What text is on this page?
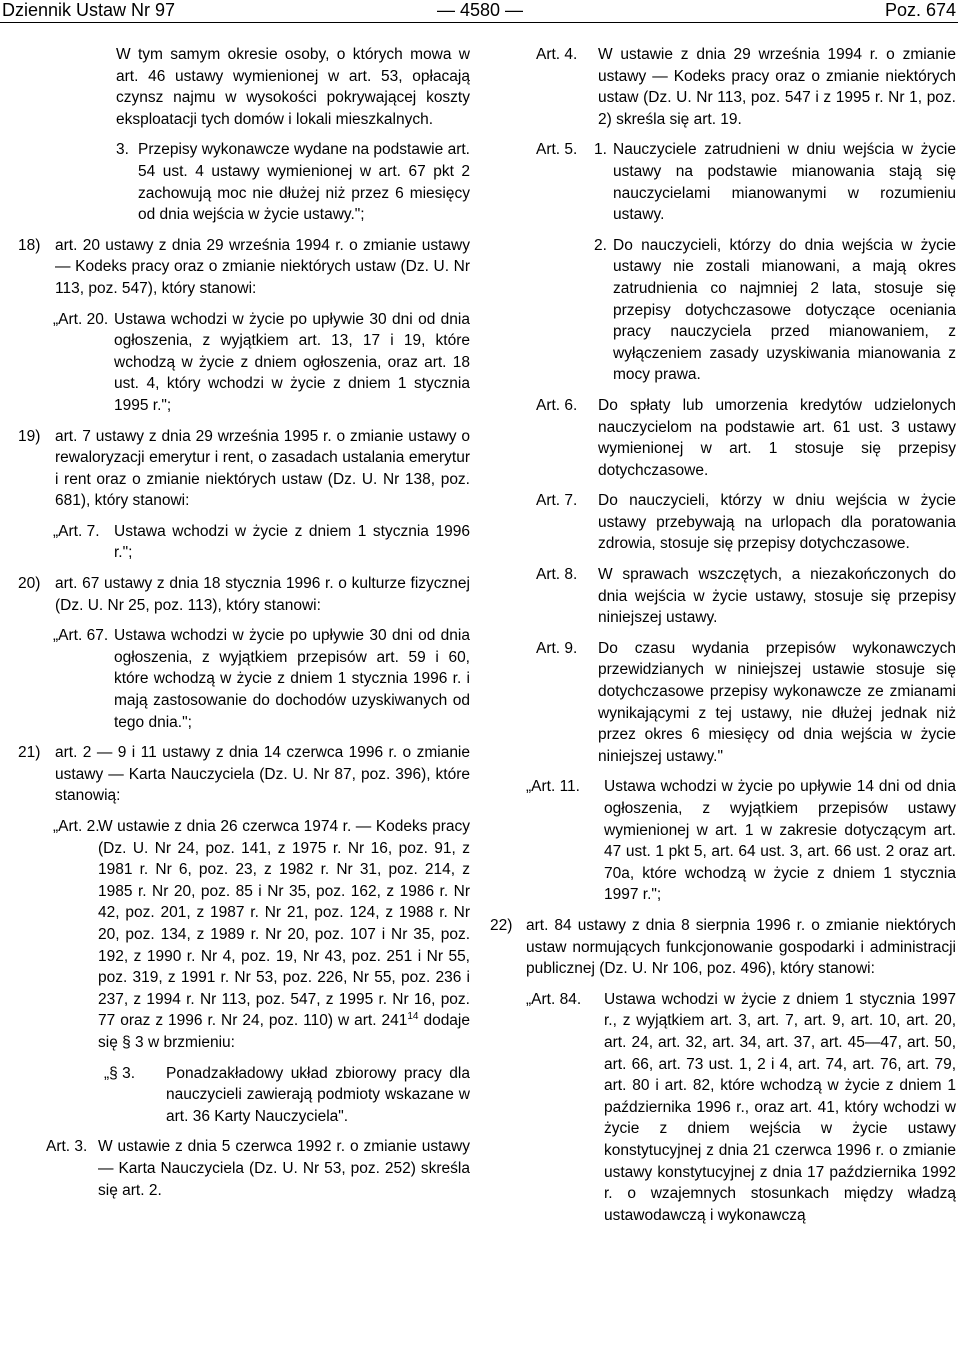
Dziennik Ustaw Nr 97	— 4580 —	Poz. 674

W tym samym okresie osoby, o których mowa w art. 46 ustawy wymienionej w art. 53, opłacają czynsz najmu w wysokości pokrywającej koszty eksploatacji tych domów i lokali mieszkalnych.

3. Przepisy wykonawcze wydane na podstawie art. 54 ust. 4 ustawy wymienionej w art. 67 pkt 2 zachowują moc nie dłużej niż przez 6 miesięcy od dnia wejścia w życie ustawy.";

18) art. 20 ustawy z dnia 29 września 1994 r. o zmianie ustawy — Kodeks pracy oraz o zmianie niektórych ustaw (Dz. U. Nr 113, poz. 547), który stanowi:

„Art. 20. Ustawa wchodzi w życie po upływie 30 dni od dnia ogłoszenia, z wyjątkiem art. 13, 17 i 19, które wchodzą w życie z dniem ogłoszenia, oraz art. 18 ust. 4, który wchodzi w życie z dniem 1 stycznia 1995 r.";

19) art. 7 ustawy z dnia 29 września 1995 r. o zmianie ustawy o rewaloryzacji emerytur i rent, o zasadach ustalania emerytur i rent oraz o zmianie niektórych ustaw (Dz. U. Nr 138, poz. 681), który stanowi:

„Art. 7. Ustawa wchodzi w życie z dniem 1 stycznia 1996 r.";

20) art. 67 ustawy z dnia 18 stycznia 1996 r. o kulturze fizycznej (Dz. U. Nr 25, poz. 113), który stanowi:

„Art. 67. Ustawa wchodzi w życie po upływie 30 dni od dnia ogłoszenia, z wyjątkiem przepisów art. 59 i 60, które wchodzą w życie z dniem 1 stycznia 1996 r. i mają zastosowanie do dochodów uzyskiwanych od tego dnia.";

21) art. 2 — 9 i 11 ustawy z dnia 14 czerwca 1996 r. o zmianie ustawy — Karta Nauczyciela (Dz. U. Nr 87, poz. 396), które stanowią:

„Art. 2.

W ustawie z dnia 26 czerwca 1974 r. — Kodeks pracy (Dz. U. Nr 24, poz. 141, z 1975 r. Nr 16, poz. 91, z 1981 r. Nr 6, poz. 23, z 1982 r. Nr 31, poz. 214, z 1985 r. Nr 20, poz. 85 i Nr 35, poz. 162, z 1986 r. Nr 42, poz. 201, z 1987 r. Nr 21, poz. 124, z 1988 r. Nr 20, poz. 134, z 1989 r. Nr 20, poz. 107 i Nr 35, poz. 192, z 1990 r. Nr 4, poz. 19, Nr 43, poz. 251 i Nr 55, poz. 319, z 1991 r. Nr 53, poz. 226, Nr 55, poz. 236 i 237, z 1994 r. Nr 113, poz. 547, z 1995 r. Nr 16, poz. 77 oraz z 1996 r. Nr 24, poz. 110) w art. $241^{14}$ dodaje się § 3 w brzmieniu:

„§ 3. Ponadzakładowy układ zbiorowy pracy dla nauczycieli zawierają podmioty wskazane w art. 36 Karty Nauczyciela".

Art. 3. W ustawie z dnia 5 czerwca 1992 r. o zmianie ustawy — Karta Nauczyciela (Dz. U. Nr 53, poz. 252) skreśla się art. 2.

Art. 4. W ustawie z dnia 29 września 1994 r. o zmianie ustawy — Kodeks pracy oraz o zmianie niektórych ustaw (Dz. U. Nr 113, poz. 547 i z 1995 r. Nr 1, poz. 2) skreśla się art. 19.

Art. 5. 1. Nauczyciele zatrudnieni w dniu wejścia w życie ustawy na podstawie mianowania stają się nauczycielami mianowanymi w rozumieniu ustawy.

2. Do nauczycieli, którzy do dnia wejścia w życie ustawy nie zostali mianowani, a mają okres zatrudnienia co najmniej 2 lata, stosuje się przepisy dotychczasowe dotyczące oceniania pracy nauczyciela przed mianowaniem, z wyłączeniem zasady uzyskiwania mianowania z mocy prawa.

Art. 6. Do spłaty lub umorzenia kredytów udzielonych nauczycielom na podstawie art. 61 ust. 3 ustawy wymienionej w art. 1 stosuje się przepisy dotychczasowe.

Art. 7. Do nauczycieli, którzy w dniu wejścia w życie ustawy przebywają na urlopach dla poratowania zdrowia, stosuje się przepisy dotychczasowe.

Art. 8. W sprawach wszczętych, a niezakończonych do dnia wejścia w życie ustawy, stosuje się przepisy niniejszej ustawy.

Art. 9. Do czasu wydania przepisów wykonawczych przewidzianych w niniejszej ustawie stosuje się dotychczasowe przepisy wykonawcze ze zmianami wynikającymi z tej ustawy, nie dłużej jednak niż przez okres 6 miesięcy od dnia wejścia w życie niniejszej ustawy."

„Art. 11. Ustawa wchodzi w życie po upływie 14 dni od dnia ogłoszenia, z wyjątkiem przepisów ustawy wymienionej w art. 1 w zakresie dotyczącym art. 47 ust. 1 pkt 5, art. 64 ust. 3, art. 66 ust. 2 oraz art. 70a, które wchodzą w życie z dniem 1 stycznia 1997 r.";

22) art. 84 ustawy z dnia 8 sierpnia 1996 r. o zmianie niektórych ustaw normujących funkcjonowanie gospodarki i administracji publicznej (Dz. U. Nr 106, poz. 496), który stanowi:

„Art. 84. Ustawa wchodzi w życie z dniem 1 stycznia 1997 r., z wyjątkiem art. 3, art. 7, art. 9, art. 10, art. 20, art. 24, art. 32, art. 34, art. 37, art. 45—47, art. 50, art. 66, art. 73 ust. 1, 2 i 4, art. 74, art. 76, art. 79, art. 80 i art. 82, które wchodzą w życie z dniem 1 października 1996 r., oraz art. 41, który wchodzi w życie z dniem wejścia w życie ustawy konstytucyjnej z dnia 21 czerwca 1996 r. o zmianie ustawy konstytucyjnej z dnia 17 października 1992 r. o wzajemnych stosunkach między władzą ustawodawczą i wykonawczą
